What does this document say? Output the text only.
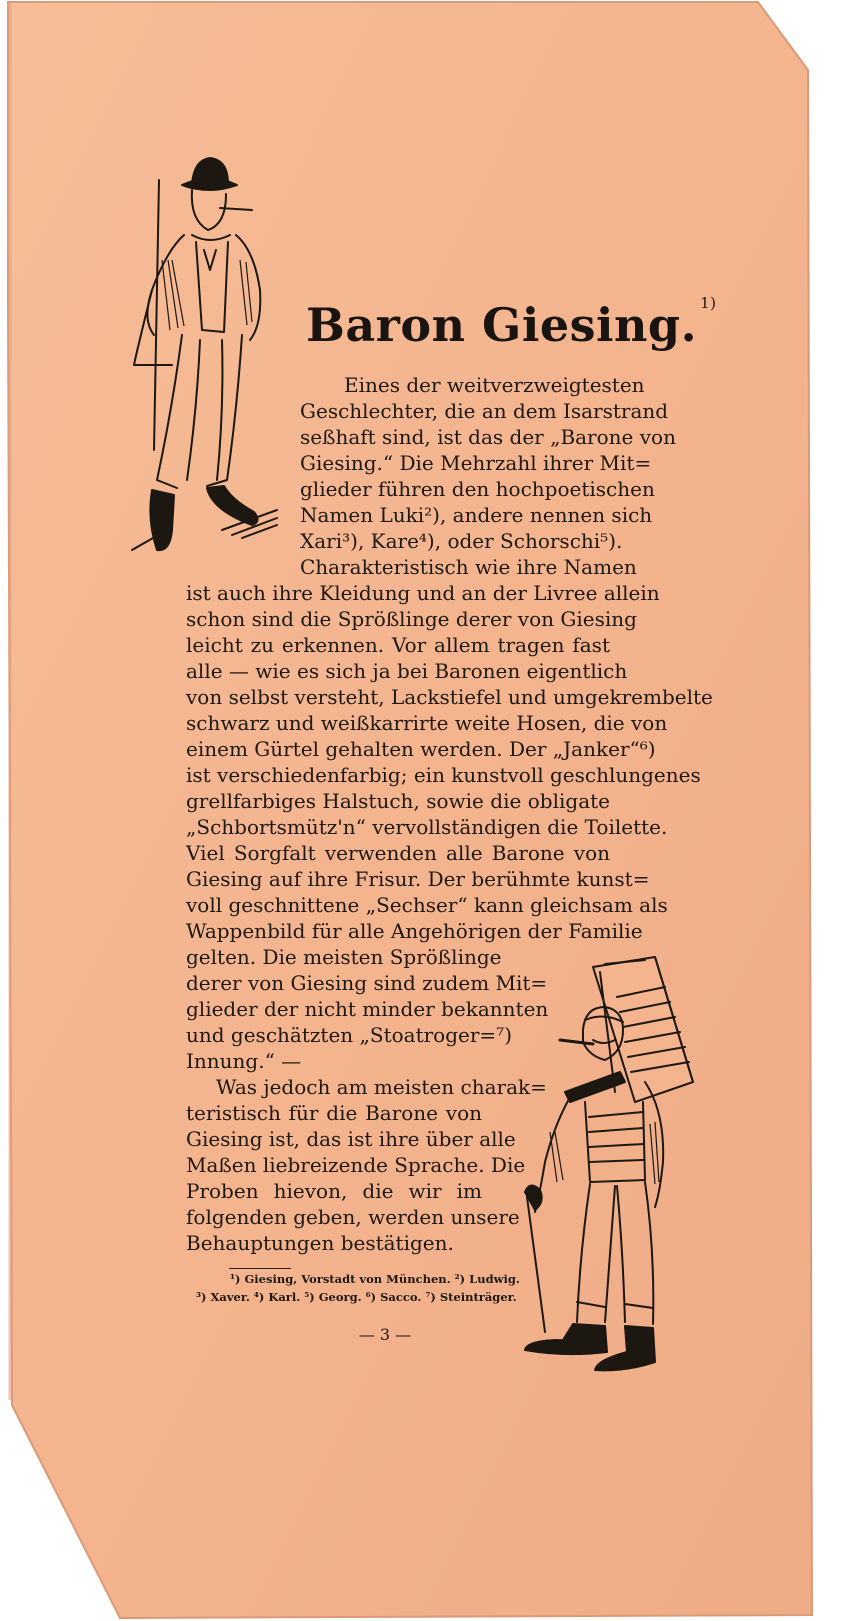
Baron Giesing. $^{1)}$
Eines der weitverzweigtesten
Geschlechter, die an dem Isarstrand
seßhaft sind, ist das der „Barone von
Giesing.“ Die Mehrzahl ihrer Mit=
glieder führen den hochpoetischen
Namen Luki²), andere nennen sich
Xari³), Kare⁴), oder Schorschi⁵).
Charakteristisch wie ihre Namen
ist auch ihre Kleidung und an der Livree allein
schon sind die Sprößlinge derer von Giesing
leicht zu erkennen. Vor allem tragen fast
alle — wie es sich ja bei Baronen eigentlich
von selbst versteht, Lackstiefel und umgekrembelte
schwarz und weißkarrirte weite Hosen, die von
einem Gürtel gehalten werden. Der „Janker“⁶)
ist verschiedenfarbig; ein kunstvoll geschlungenes
grellfarbiges Halstuch, sowie die obligate
„Schbortsmütz'n“ vervollständigen die Toilette.
Viel Sorgfalt verwenden alle Barone von
Giesing auf ihre Frisur. Der berühmte kunst=
voll geschnittene „Sechser“ kann gleichsam als
Wappenbild für alle Angehörigen der Familie
gelten. Die meisten Sprößlinge
derer von Giesing sind zudem Mit=
glieder der nicht minder bekannten
und geschätzten „Stoatroger=⁷)
Innung.“ —
Was jedoch am meisten charak=
teristisch für die Barone von
Giesing ist, das ist ihre über alle
Maßen liebreizende Sprache. Die
Proben hievon, die wir im
folgenden geben, werden unsere
Behauptungen bestätigen.
¹) Giesing, Vorstadt von München. ²) Ludwig.
³) Xaver. ⁴) Karl. ⁵) Georg. ⁶) Sacco. ⁷) Steinträger.
— 3 —
